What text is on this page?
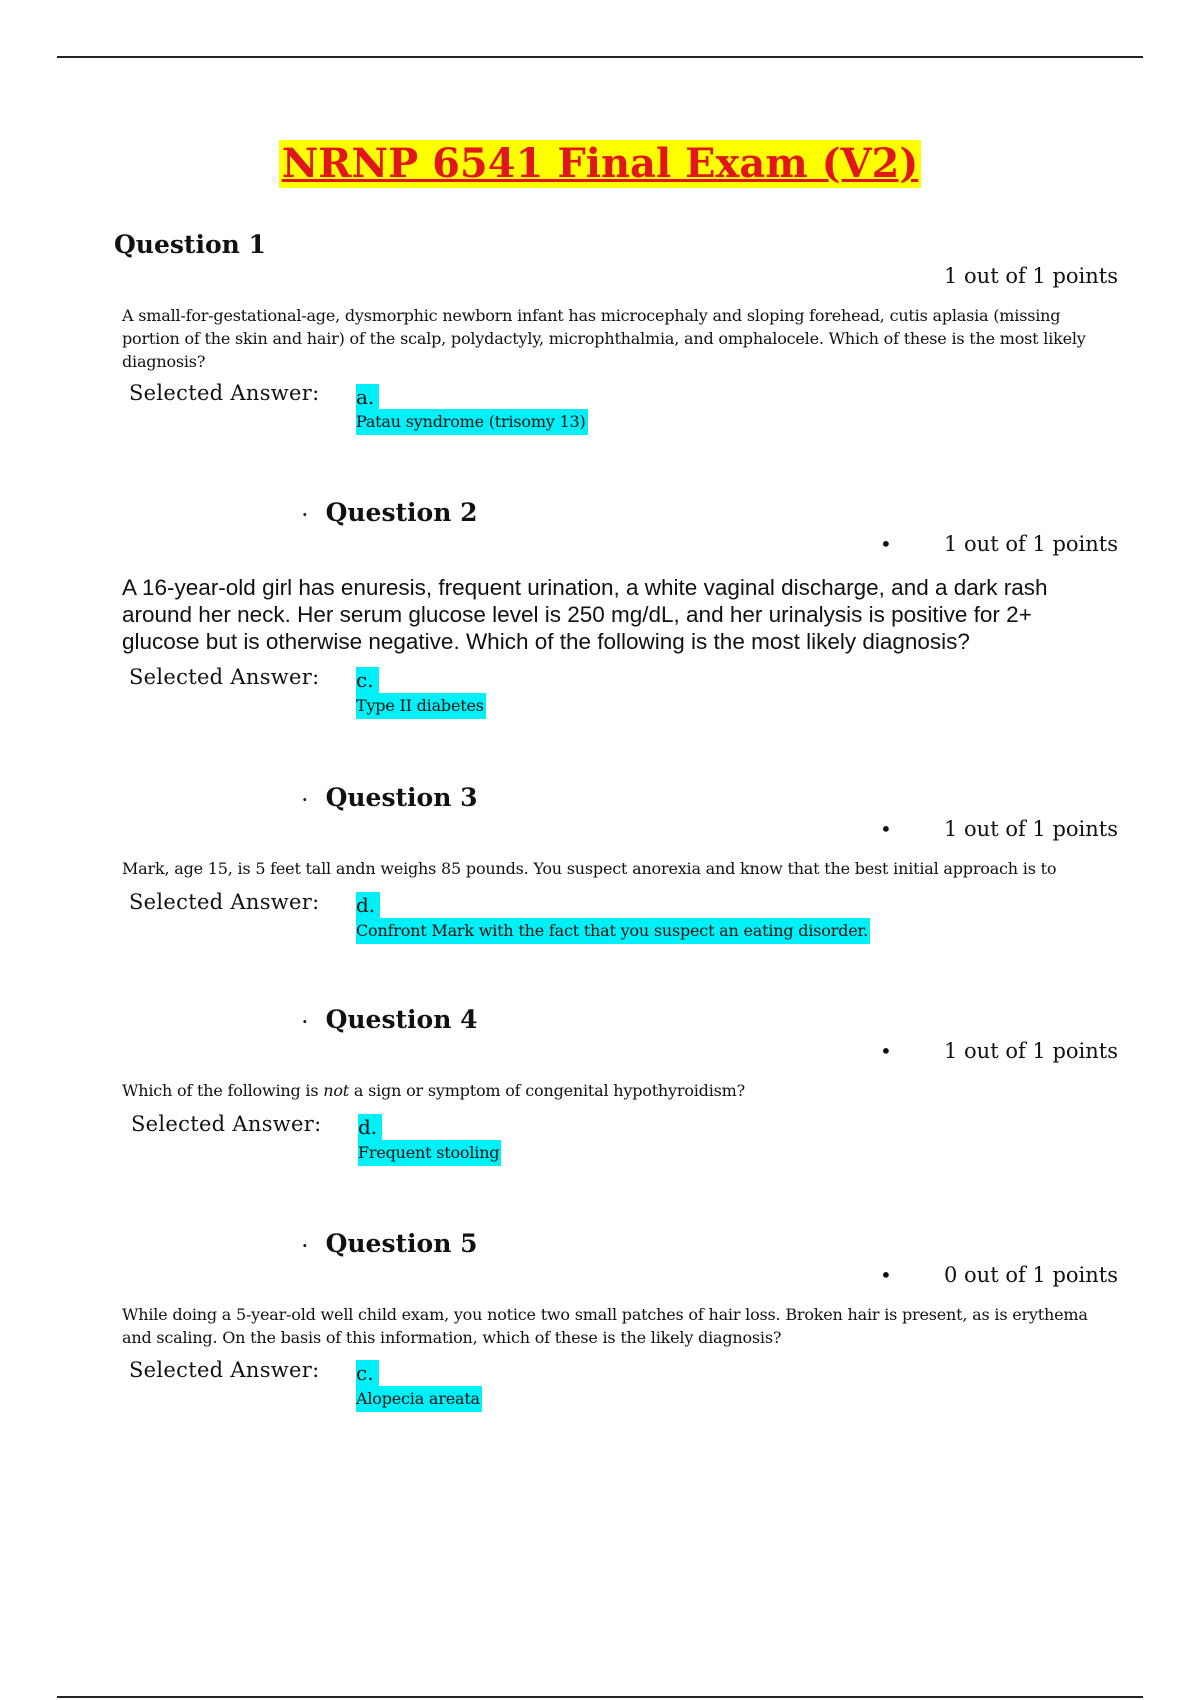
NRNP 6541 Final Exam (V2)
Question 1
1 out of 1 points
A small-for-gestational-age, dysmorphic newborn infant has microcephaly and sloping forehead, cutis aplasia (missing portion of the skin and hair) of the scalp, polydactyly, microphthalmia, and omphalocele. Which of these is the most likely diagnosis?
Selected Answer: a.
Patau syndrome (trisomy 13)
· Question 2
• 1 out of 1 points
A 16-year-old girl has enuresis, frequent urination, a white vaginal discharge, and a dark rash around her neck. Her serum glucose level is 250 mg/dL, and her urinalysis is positive for 2+ glucose but is otherwise negative. Which of the following is the most likely diagnosis?
Selected Answer: c.
Type II diabetes
· Question 3
• 1 out of 1 points
Mark, age 15, is 5 feet tall andn weighs 85 pounds. You suspect anorexia and know that the best initial approach is to
Selected Answer: d.
Confront Mark with the fact that you suspect an eating disorder.
· Question 4
• 1 out of 1 points
Which of the following is not a sign or symptom of congenital hypothyroidism?
Selected Answer: d.
Frequent stooling
· Question 5
• 0 out of 1 points
While doing a 5-year-old well child exam, you notice two small patches of hair loss. Broken hair is present, as is erythema and scaling. On the basis of this information, which of these is the likely diagnosis?
Selected Answer: c.
Alopecia areata
